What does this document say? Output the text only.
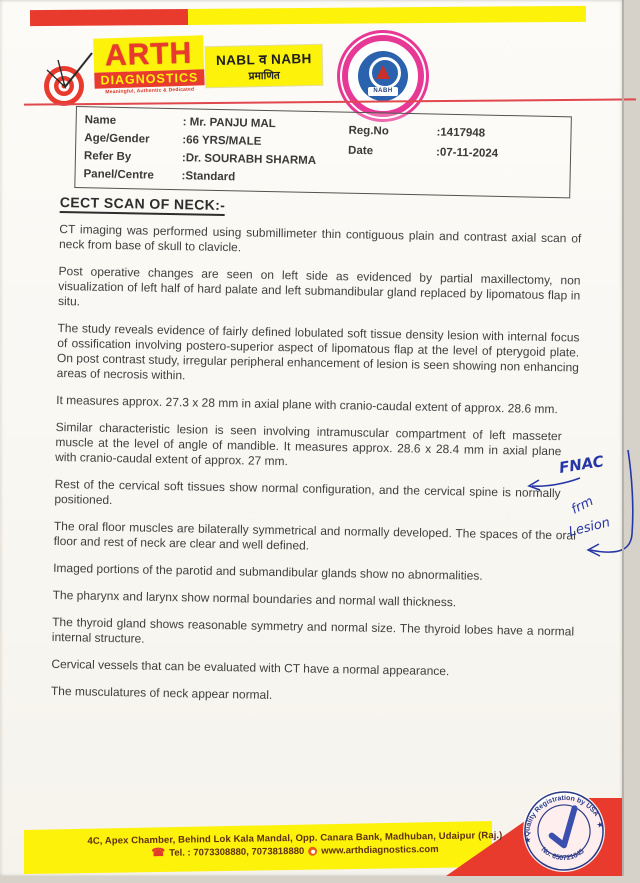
ARTH
DIAGNOSTICS
Meaningful, Authentic & Dedicated
NABL व NABH
प्रमाणित
NABH
Name	: Mr. PANJU MAL
Age/Gender	:66 YRS/MALE
Refer By	:Dr. SOURABH SHARMA
Panel/Centre	:Standard
Reg.No	:1417948
Date	:07-11-2024
CECT SCAN OF NECK:-

CT imaging was performed using submillimeter thin contiguous plain and contrast axial scan of neck from base of skull to clavicle.

Post operative changes are seen on left side as evidenced by partial maxillectomy, non visualization of left half of hard palate and left submandibular gland replaced by lipomatous flap in situ.

The study reveals evidence of fairly defined lobulated soft tissue density lesion with internal focus of ossification involving postero-superior aspect of lipomatous flap at the level of pterygoid plate. On post contrast study, irregular peripheral enhancement of lesion is seen showing non enhancing areas of necrosis within.

It measures approx. 27.3 x 28 mm in axial plane with cranio-caudal extent of approx. 28.6 mm.

Similar characteristic lesion is seen involving intramuscular compartment of left masseter muscle at the level of angle of mandible. It measures approx. 28.6 x 28.4 mm in axial plane with cranio-caudal extent of approx. 27 mm.

Rest of the cervical soft tissues show normal configuration, and the cervical spine is normally positioned.

The oral floor muscles are bilaterally symmetrical and normally developed. The spaces of the oral floor and rest of neck are clear and well defined.

Imaged portions of the parotid and submandibular glands show no abnormalities.

The pharynx and larynx show normal boundaries and normal wall thickness.

The thyroid gland shows reasonable symmetry and normal size. The thyroid lobes have a normal internal structure.

Cervical vessels that can be evaluated with CT have a normal appearance.

The musculatures of neck appear normal.

FNAC
frm
Lesion
4C, Apex Chamber, Behind Lok Kala Mandal, Opp. Canara Bank, Madhuban, Udaipur (Raj.)
☎ Tel. : 7073308880, 7073818880 www.arthdiagnostics.com
Quality Registration by USA
No. 650721645
★
★
